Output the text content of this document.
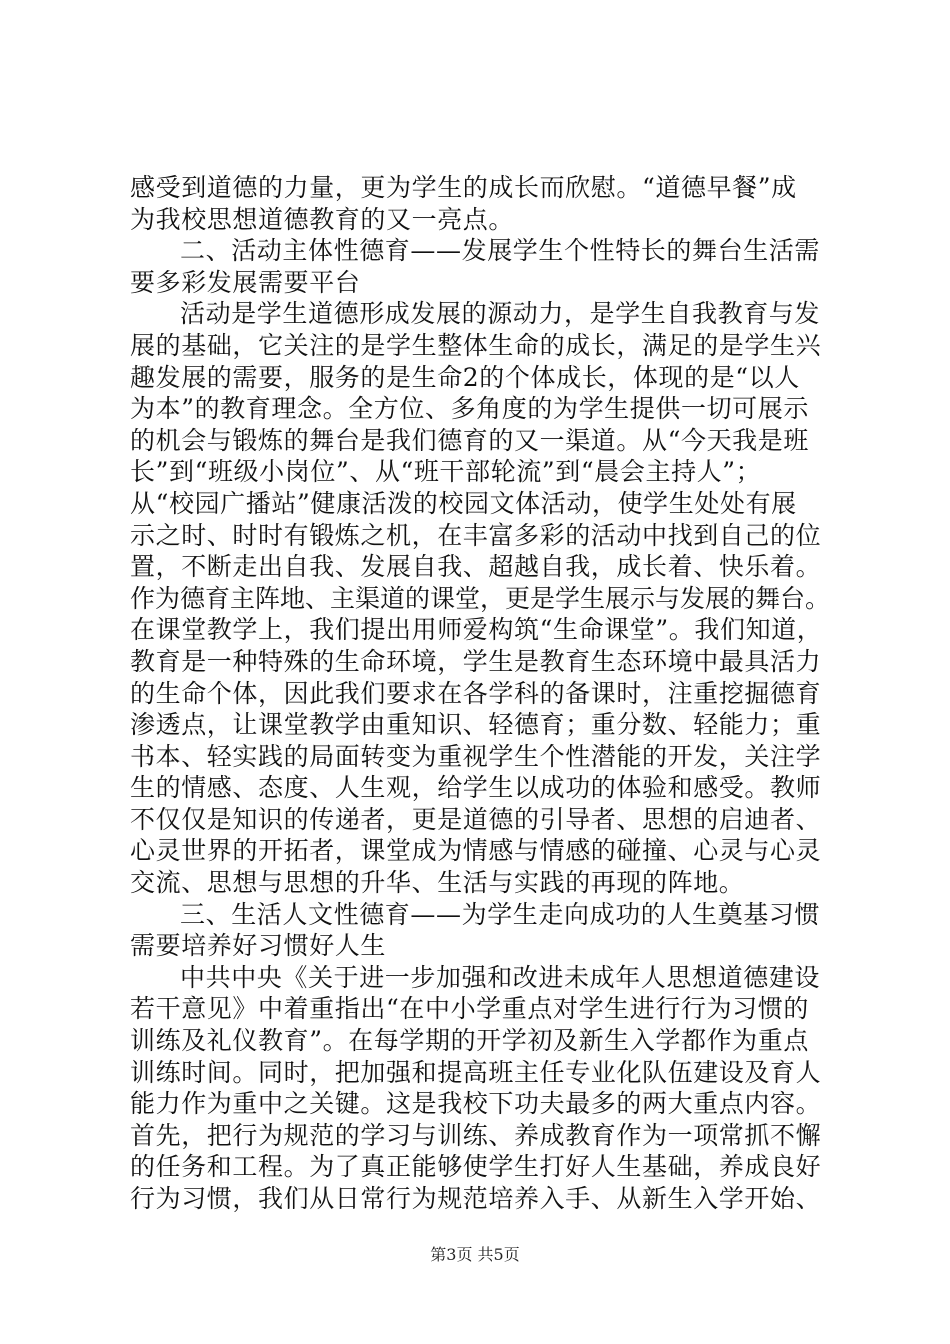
感受到道德的力量，更为学生的成长而欣慰。“道德早餐”成
为我校思想道德教育的又一亮点。
二、活动主体性德育——发展学生个性特长的舞台生活需
要多彩发展需要平台
活动是学生道德形成发展的源动力，是学生自我教育与发
展的基础，它关注的是学生整体生命的成长，满足的是学生兴
趣发展的需要，服务的是生命2的个体成长，体现的是“以人
为本”的教育理念。全方位、多角度的为学生提供一切可展示
的机会与锻炼的舞台是我们德育的又一渠道。从“今天我是班
长”到“班级小岗位”、从“班干部轮流”到“晨会主持人”；
从“校园广播站”健康活泼的校园文体活动，使学生处处有展
示之时、时时有锻炼之机，在丰富多彩的活动中找到自己的位
置，不断走出自我、发展自我、超越自我，成长着、快乐着。
作为德育主阵地、主渠道的课堂，更是学生展示与发展的舞台。
在课堂教学上，我们提出用师爱构筑“生命课堂”。我们知道，
教育是一种特殊的生命环境，学生是教育生态环境中最具活力
的生命个体，因此我们要求在各学科的备课时，注重挖掘德育
渗透点，让课堂教学由重知识、轻德育；重分数、轻能力；重
书本、轻实践的局面转变为重视学生个性潜能的开发，关注学
生的情感、态度、人生观，给学生以成功的体验和感受。教师
不仅仅是知识的传递者，更是道德的引导者、思想的启迪者、
心灵世界的开拓者，课堂成为情感与情感的碰撞、心灵与心灵
交流、思想与思想的升华、生活与实践的再现的阵地。
三、生活人文性德育——为学生走向成功的人生奠基习惯
需要培养好习惯好人生
中共中央《关于进一步加强和改进未成年人思想道德建设
若干意见》中着重指出“在中小学重点对学生进行行为习惯的
训练及礼仪教育”。在每学期的开学初及新生入学都作为重点
训练时间。同时，把加强和提高班主任专业化队伍建设及育人
能力作为重中之关键。这是我校下功夫最多的两大重点内容。
首先，把行为规范的学习与训练、养成教育作为一项常抓不懈
的任务和工程。为了真正能够使学生打好人生基础，养成良好
行为习惯，我们从日常行为规范培养入手、从新生入学开始、
第3页 共5页
